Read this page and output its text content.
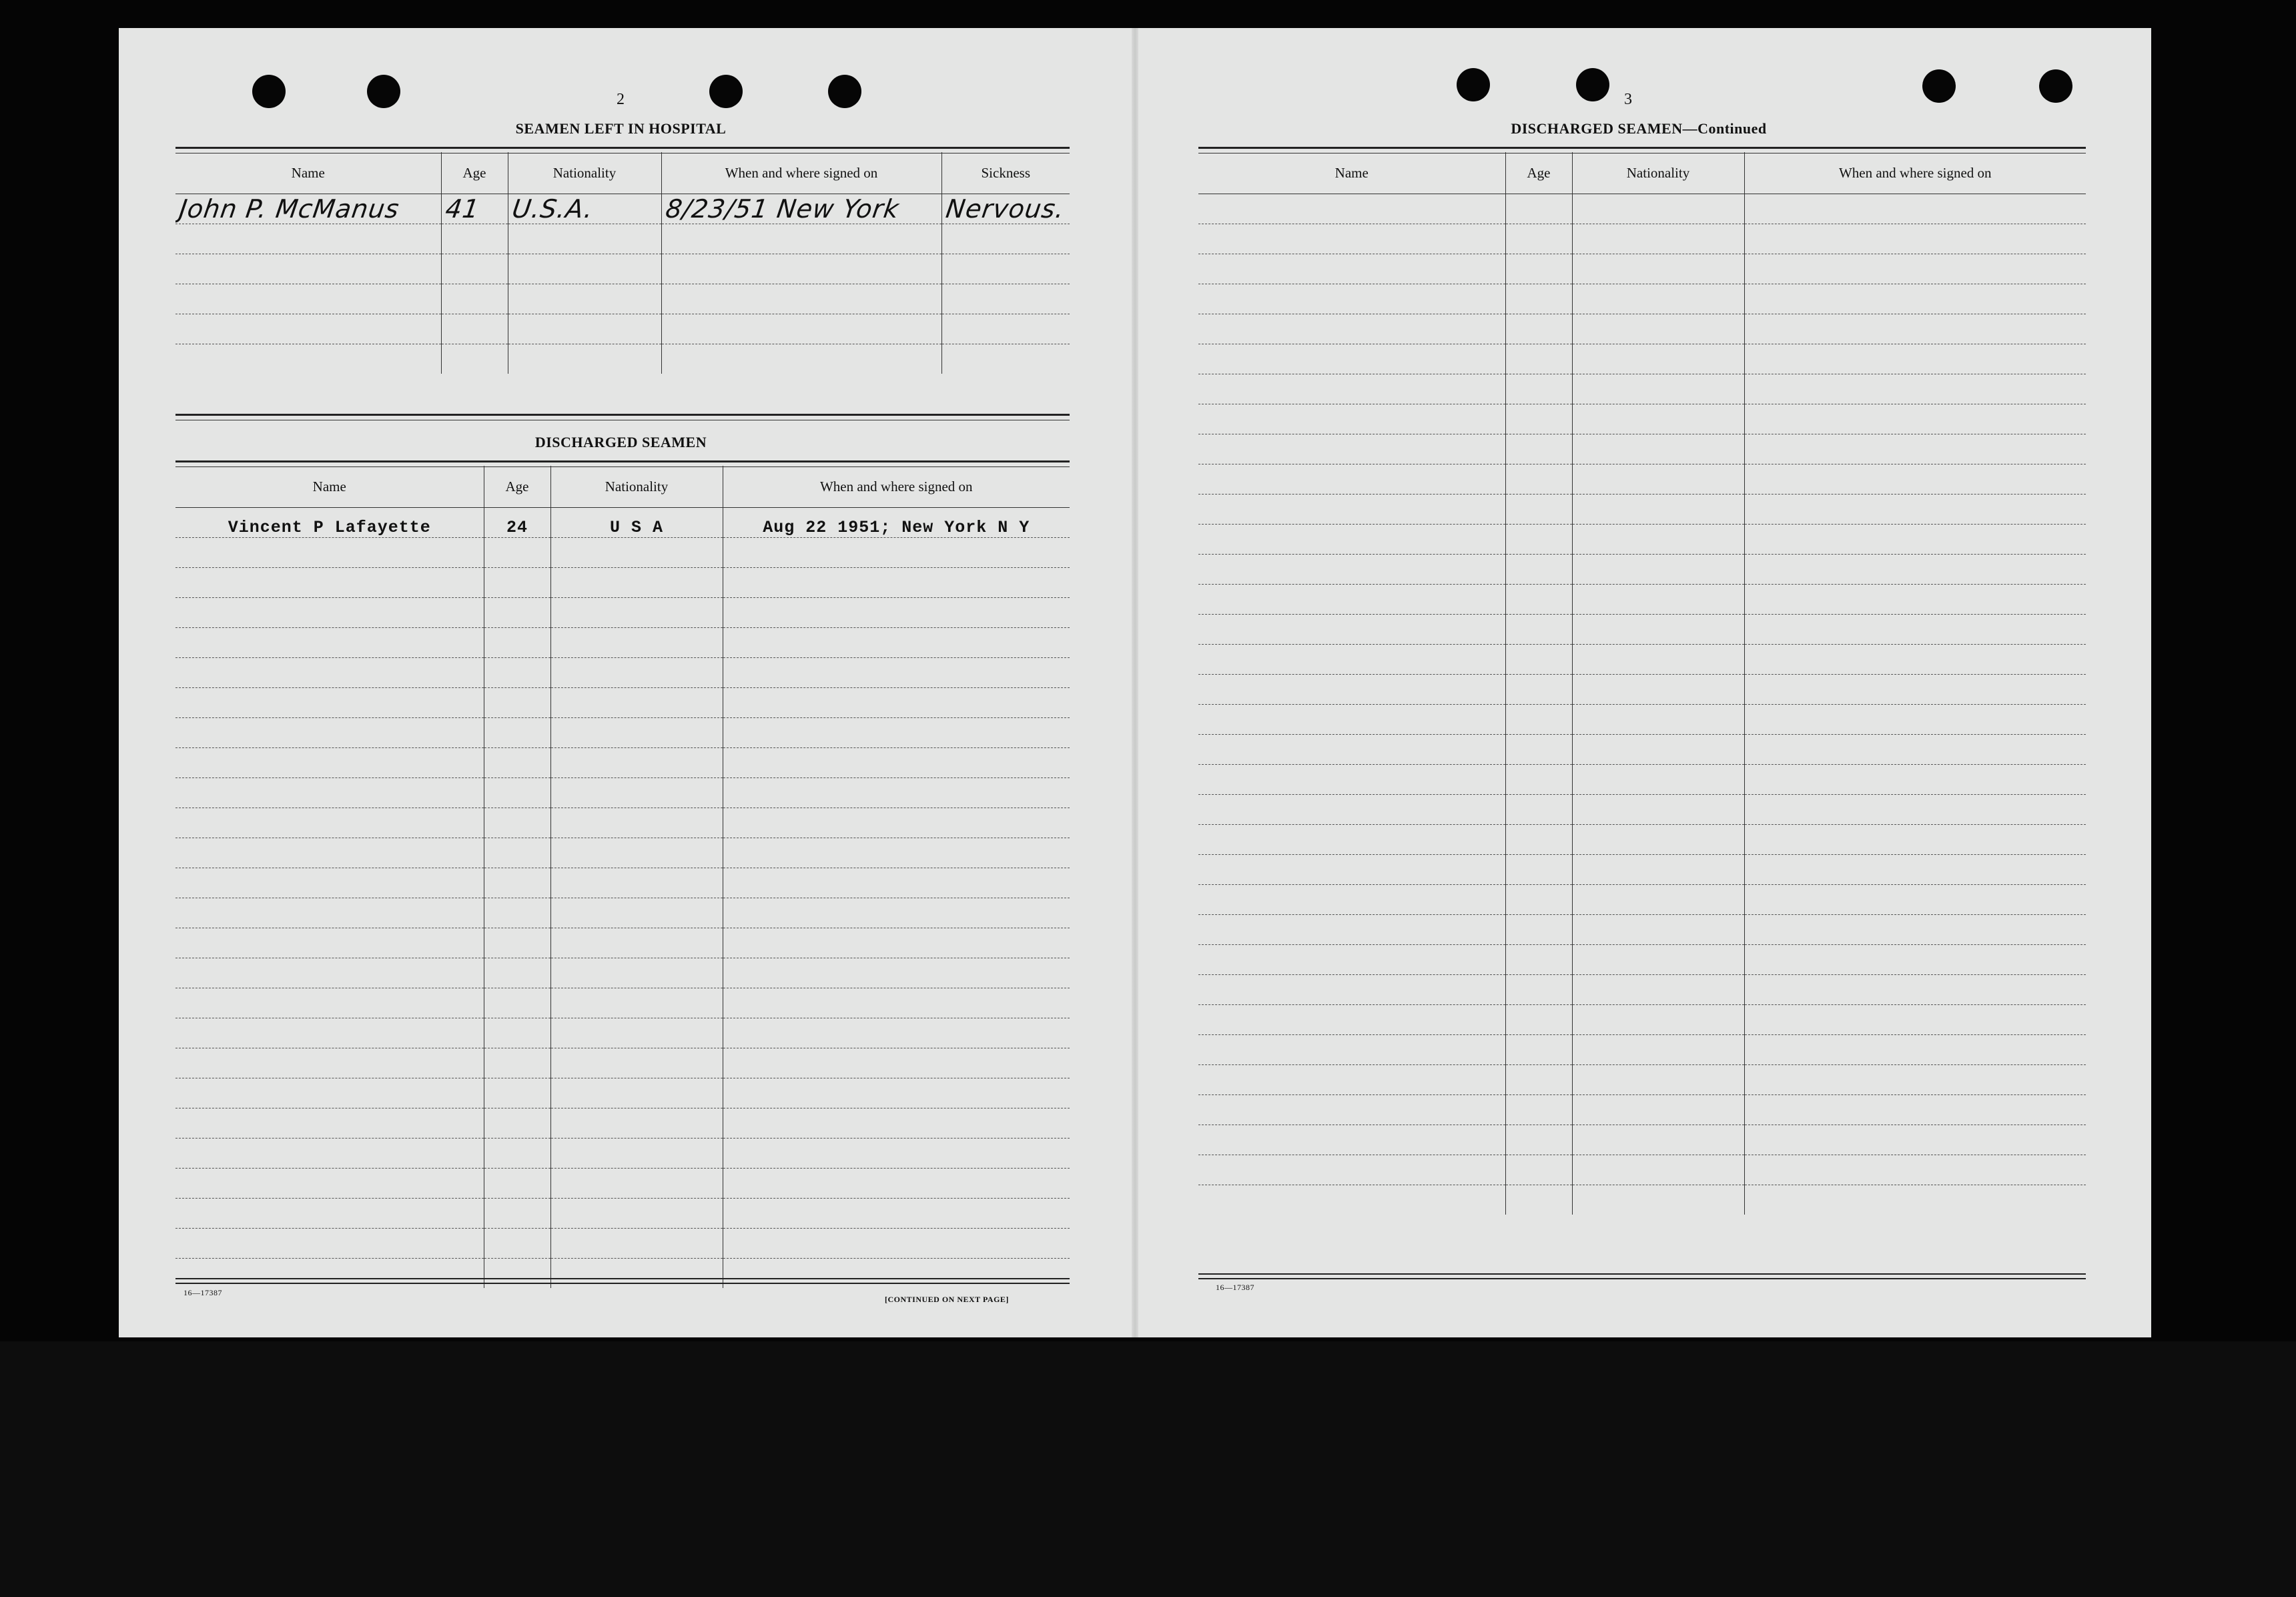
2
SEAMEN LEFT IN HOSPITAL
Name	Age	Nationality	When and where signed on	Sickness
John P. McManus	41	U.S.A.	8/23/51 New York	Nervous.

DISCHARGED SEAMEN
Name	Age	Nationality	When and where signed on
Vincent P Lafayette	24	U S A	Aug 22 1951; New York N Y

16—17387
[CONTINUED ON NEXT PAGE]
3
DISCHARGED SEAMEN—Continued
Name	Age	Nationality	When and where signed on

16—17387
